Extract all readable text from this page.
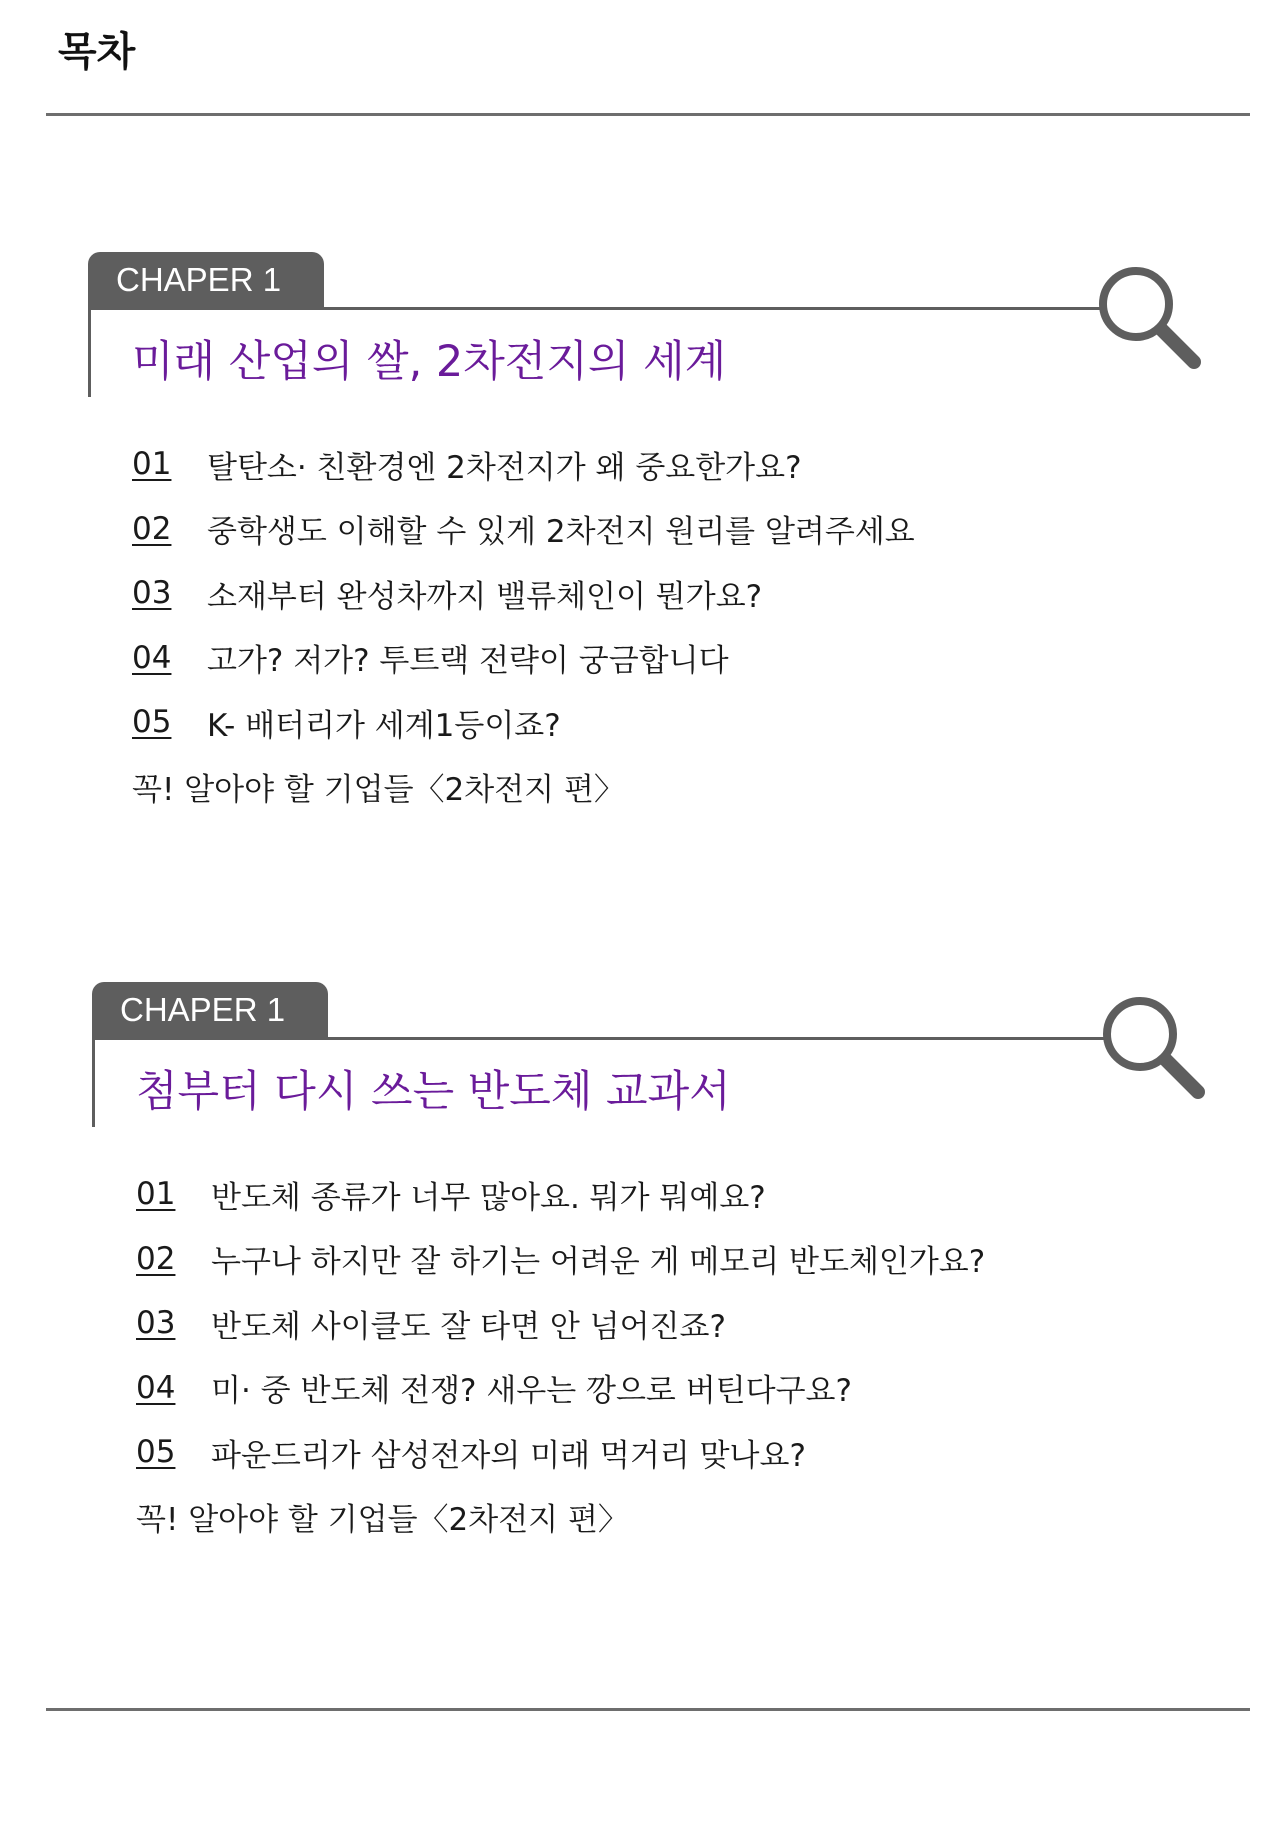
목차
CHAPER 1
미래 산업의 쌀, 2차전지의 세계
01	탈탄소· 친환경엔 2차전지가 왜 중요한가요?
02	중학생도 이해할 수 있게 2차전지 원리를 알려주세요
03	소재부터 완성차까지 밸류체인이 뭔가요?
04	고가? 저가? 투트랙 전략이 궁금합니다
05	K- 배터리가 세계1등이죠?
꼭! 알아야 할 기업들〈2차전지 편〉
CHAPER 1
첨부터 다시 쓰는 반도체 교과서
01	반도체 종류가 너무 많아요. 뭐가 뭐예요?
02	누구나 하지만 잘 하기는 어려운 게 메모리 반도체인가요?
03	반도체 사이클도 잘 타면 안 넘어진죠?
04	미· 중 반도체 전쟁? 새우는 깡으로 버틴다구요?
05	파운드리가 삼성전자의 미래 먹거리 맞나요?
꼭! 알아야 할 기업들〈2차전지 편〉
